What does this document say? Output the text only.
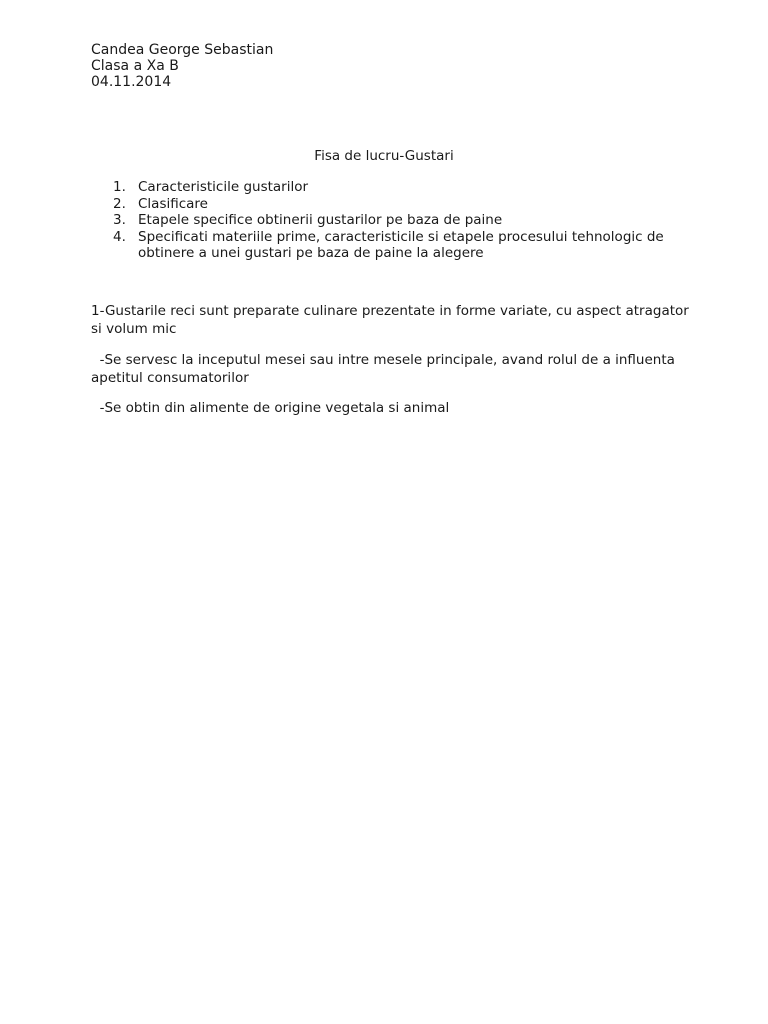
Candea George Sebastian
Clasa a Xa B
04.11.2014
Fisa de lucru-Gustari
1. Caracteristicile gustarilor
2. Clasificare
3. Etapele specifice obtinerii gustarilor pe baza de paine
4. Specificati materiile prime, caracteristicile si etapele procesului tehnologic de obtinere a unei gustari pe baza de paine la alegere
1-Gustarile reci sunt preparate culinare prezentate in forme variate, cu aspect atragator si volum mic
-Se servesc la inceputul mesei sau intre mesele principale, avand rolul de a influenta apetitul consumatorilor
-Se obtin din alimente de origine vegetala si animal
